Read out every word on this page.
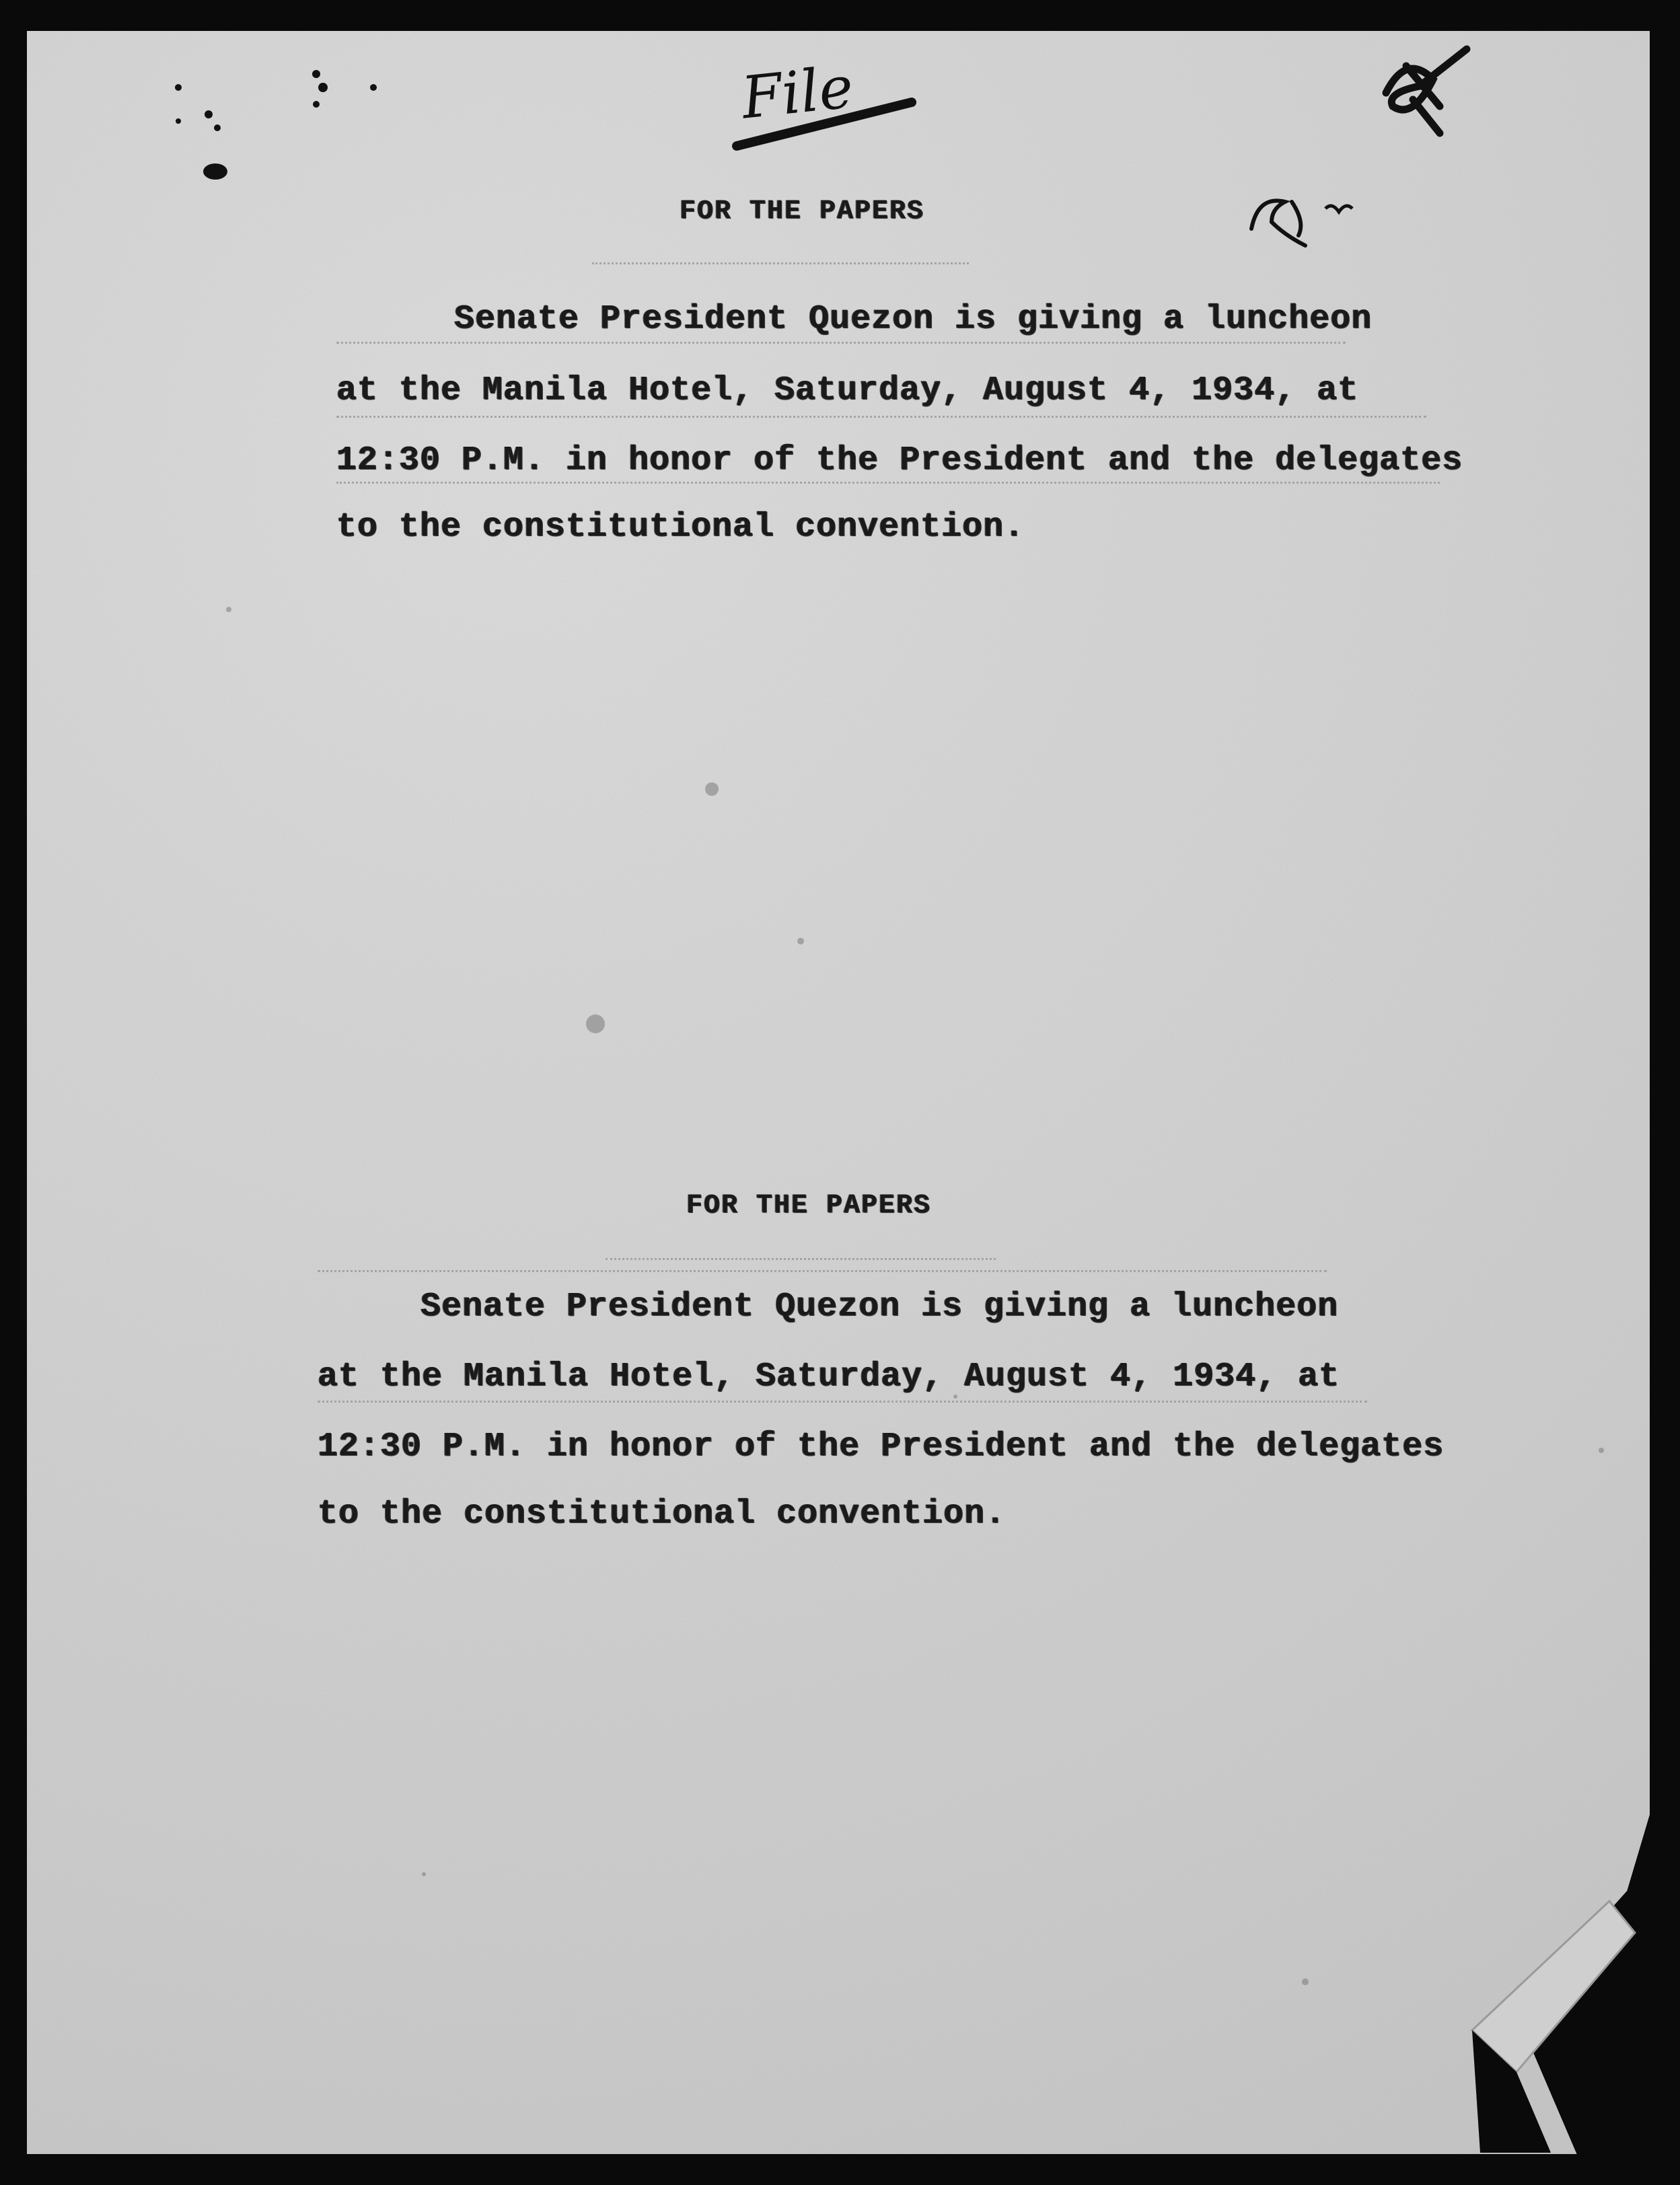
File
FOR THE PAPERS
Senate President Quezon is giving a luncheon
at the Manila Hotel, Saturday, August 4, 1934, at
12:30 P.M. in honor of the President and the delegates
to the constitutional convention.
FOR THE PAPERS
Senate President Quezon is giving a luncheon
at the Manila Hotel, Saturday, August 4, 1934, at
12:30 P.M. in honor of the President and the delegates
to the constitutional convention.
